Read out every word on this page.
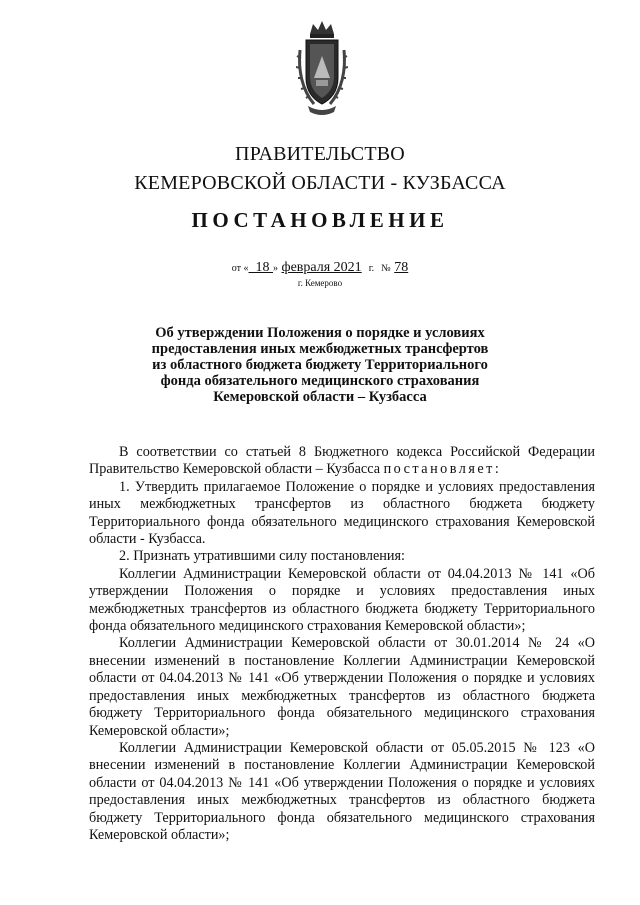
ПРАВИТЕЛЬСТВО
КЕМЕРОВСКОЙ ОБЛАСТИ - КУЗБАССА
ПОСТАНОВЛЕНИЕ
от « 18 » февраля 2021 г. № 78
г. Кемерово
Об утверждении Положения о порядке и условиях
предоставления иных межбюджетных трансфертов
из областного бюджета бюджету Территориального
фонда обязательного медицинского страхования
Кемеровской области – Кузбасса

В соответствии со статьей 8 Бюджетного кодекса Российской Федерации Правительство Кемеровской области – Кузбасса постановляет:

1. Утвердить прилагаемое Положение о порядке и условиях предоставления иных межбюджетных трансфертов из областного бюджета бюджету Территориального фонда обязательного медицинского страхования Кемеровской области - Кузбасса.

2. Признать утратившими силу постановления:

Коллегии Администрации Кемеровской области от 04.04.2013 № 141 «Об утверждении Положения о порядке и условиях предоставления иных межбюджетных трансфертов из областного бюджета бюджету Территориального фонда обязательного медицинского страхования Кемеровской области»;

Коллегии Администрации Кемеровской области от 30.01.2014 № 24 «О внесении изменений в постановление Коллегии Администрации Кемеровской области от 04.04.2013 № 141 «Об утверждении Положения о порядке и условиях предоставления иных межбюджетных трансфертов из областного бюджета бюджету Территориального фонда обязательного медицинского страхования Кемеровской области»;

Коллегии Администрации Кемеровской области от 05.05.2015 № 123 «О внесении изменений в постановление Коллегии Администрации Кемеровской области от 04.04.2013 № 141 «Об утверждении Положения о порядке и условиях предоставления иных межбюджетных трансфертов из областного бюджета бюджету Территориального фонда обязательного медицинского страхования Кемеровской области»;
